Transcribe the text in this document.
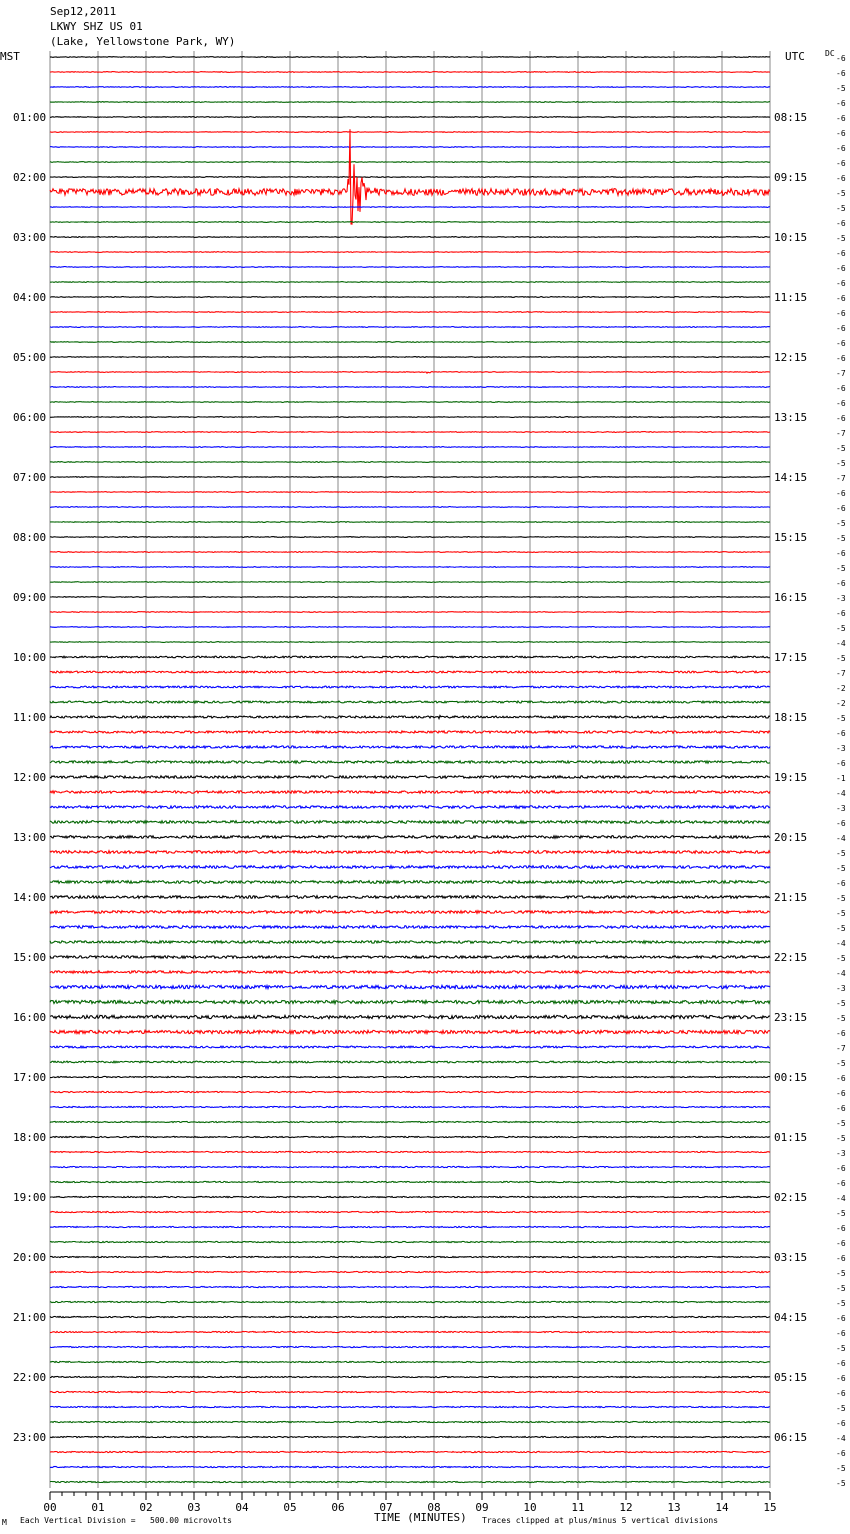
Sep12,2011
LKWY SHZ US 01
(Lake, Yellowstone Park, WY)
MST	UTC	DC
01:00
02:00
03:00
04:00
05:00
06:00
07:00
08:00
09:00
10:00
11:00
12:00
13:00
14:00
15:00
16:00
17:00
18:00
19:00
20:00
21:00
22:00
23:00
08:15
09:15
10:15
11:15
12:15
13:15
14:15
15:15
16:15
17:15
18:15
19:15
20:15
21:15
22:15
23:15
00:15
01:15
02:15
03:15
04:15
05:15
06:15
-6
-6
-5
-6
-6
-6
-6
-6
-6
-5
-5
-6
-5
-6
-6
-6
-6
-6
-6
-6
-6
-7
-6
-6
-6
-7
-5
-5
-7
-6
-6
-5
-5
-6
-5
-6
-3
-6
-5
-4
-5
-7
-2
-2
-5
-6
-3
-6
-1
-4
-3
-6
-4
-5
-5
-6
-5
-5
-5
-4
-5
-4
-3
-5
-5
-6
-7
-5
-6
-6
-6
-5
-5
-3
-6
-6
-4
-5
-6
-6
-6
-5
-5
-5
-6
-6
-5
-6
-6
-6
-5
-6
-4
-6
-5
-5
00	01	02	03	04	05	06	07	08	09	10	11	12	13	14	15
TIME (MINUTES)
M Each Vertical Division = 500.00 microvolts	Traces clipped at plus/minus 5 vertical divisions
